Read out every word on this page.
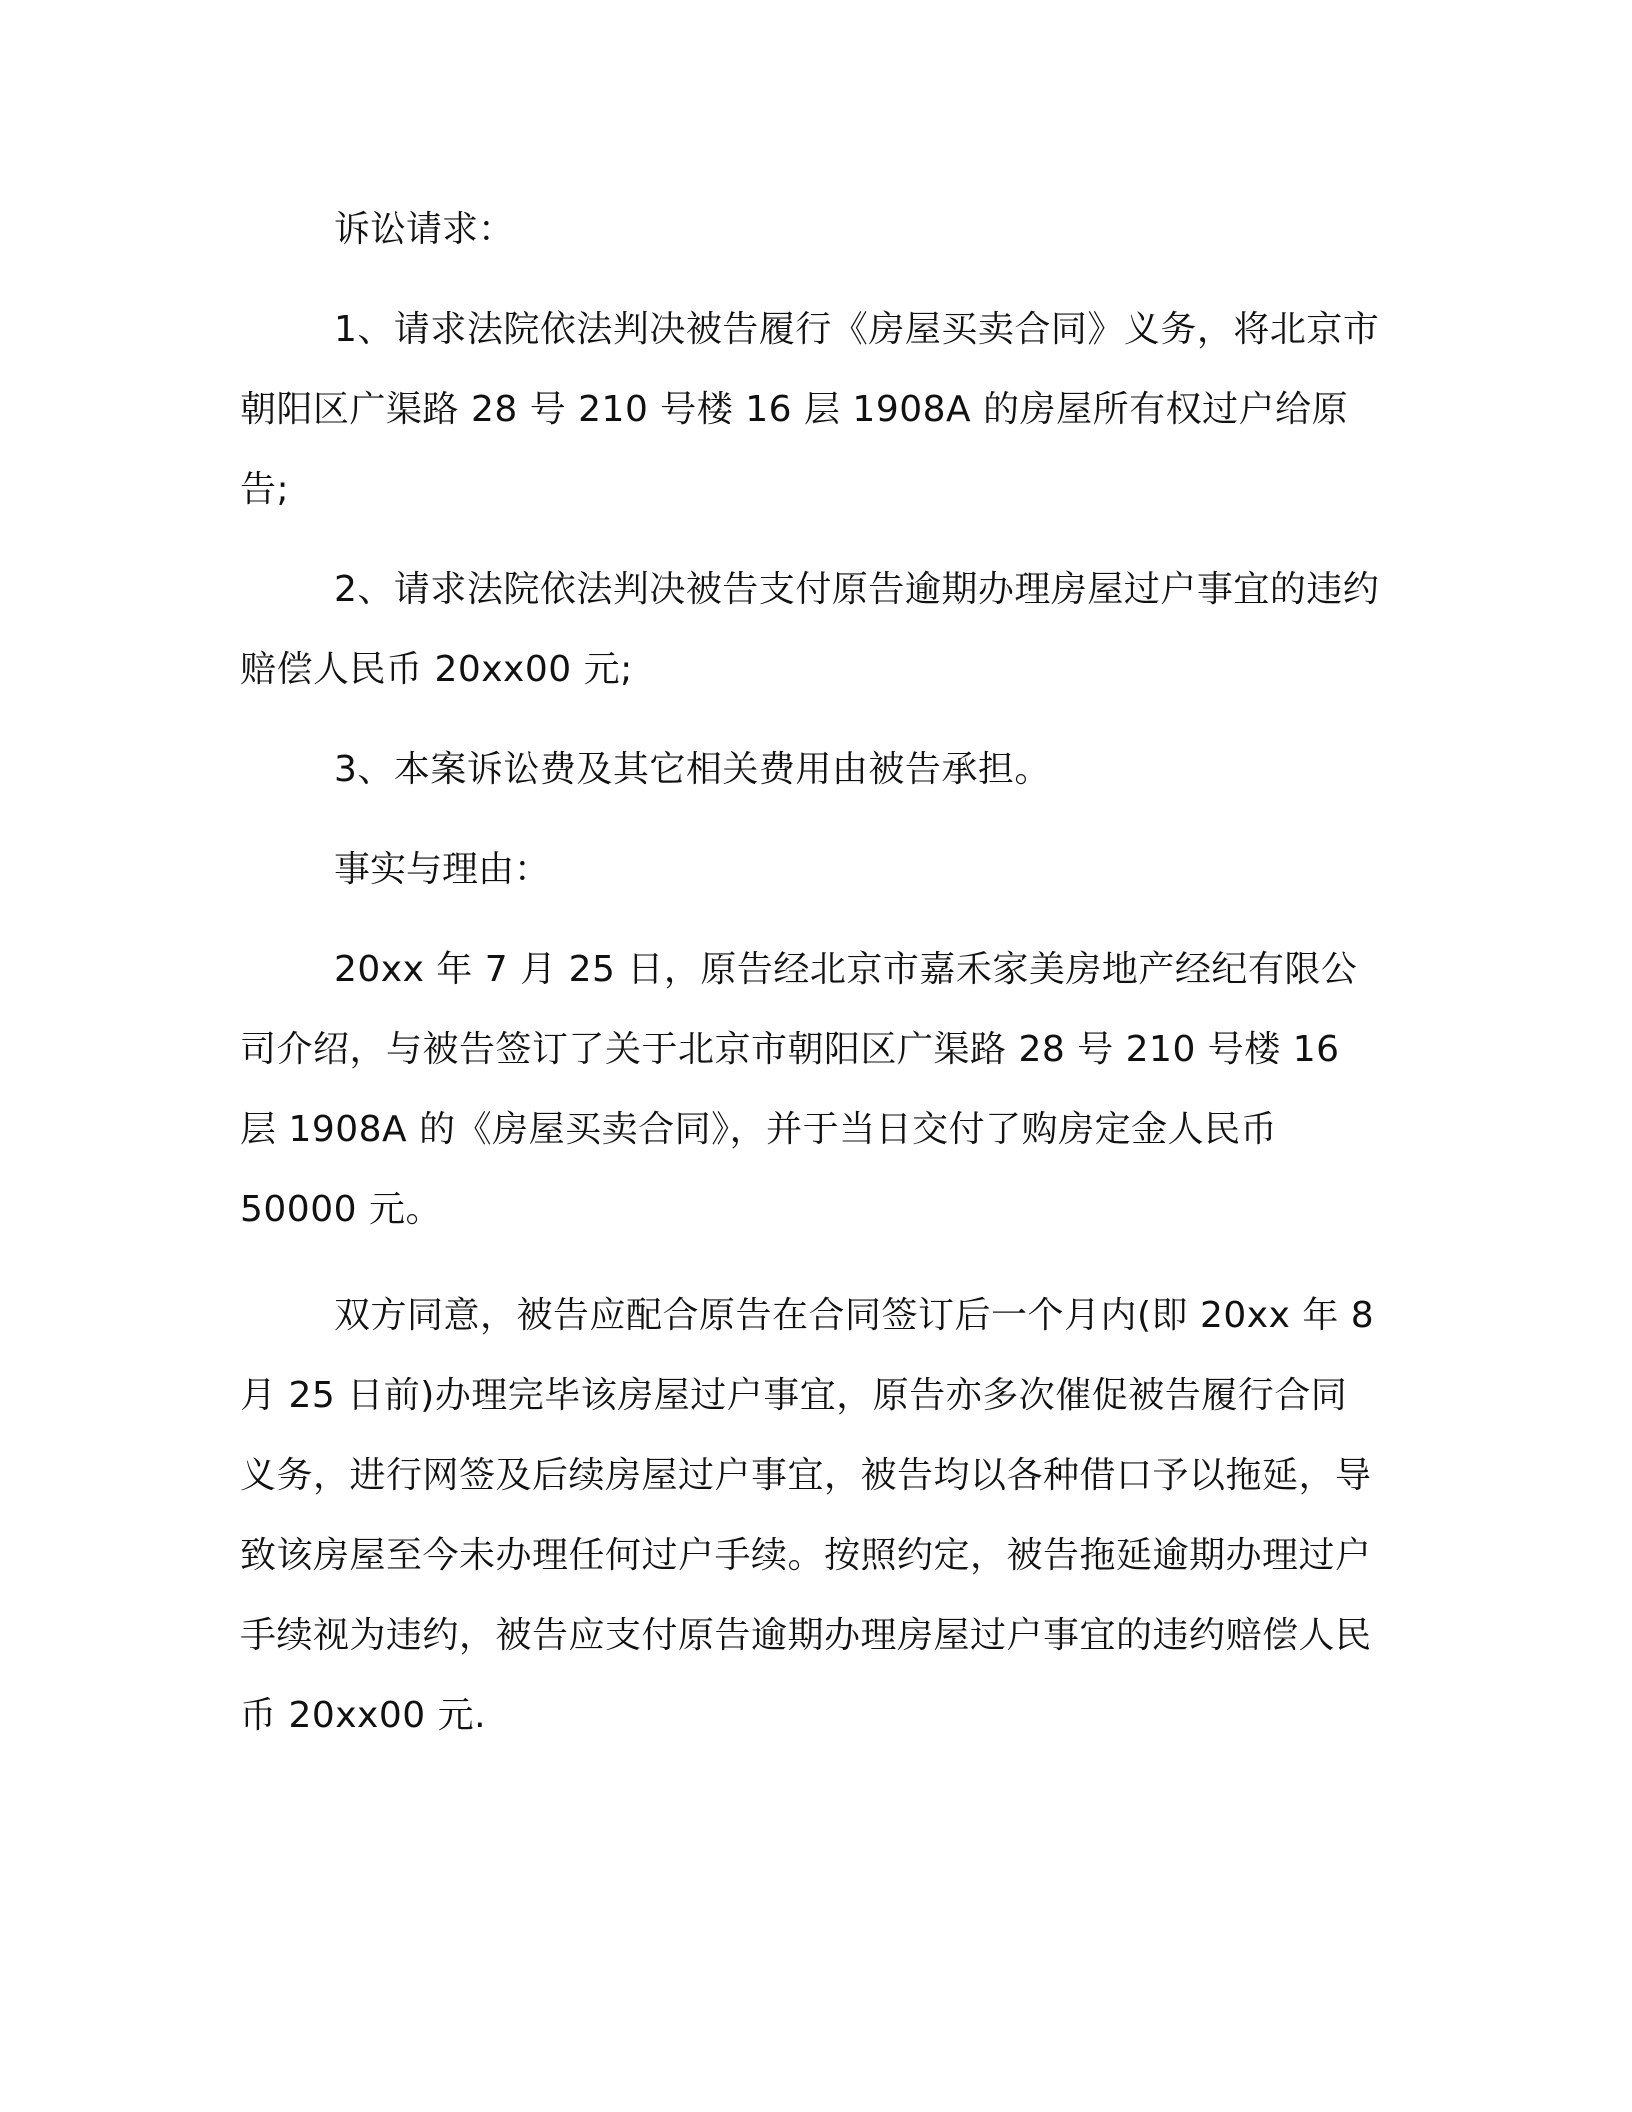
诉讼请求：

1、请求法院依法判决被告履行《房屋买卖合同》义务，将北京市朝阳区广渠路 28 号 210 号楼 16 层 1908A 的房屋所有权过户给原告;

2、请求法院依法判决被告支付原告逾期办理房屋过户事宜的违约赔偿人民币 20xx00 元;

3、本案诉讼费及其它相关费用由被告承担。

事实与理由：

20xx 年 7 月 25 日，原告经北京市嘉禾家美房地产经纪有限公司介绍，与被告签订了关于北京市朝阳区广渠路 28 号 210 号楼 16 层 1908A 的《房屋买卖合同》，并于当日交付了购房定金人民币 50000 元。

双方同意，被告应配合原告在合同签订后一个月内(即 20xx 年 8 月 25 日前)办理完毕该房屋过户事宜，原告亦多次催促被告履行合同义务，进行网签及后续房屋过户事宜，被告均以各种借口予以拖延，导致该房屋至今未办理任何过户手续。按照约定，被告拖延逾期办理过户手续视为违约，被告应支付原告逾期办理房屋过户事宜的违约赔偿人民币 20xx00 元.
